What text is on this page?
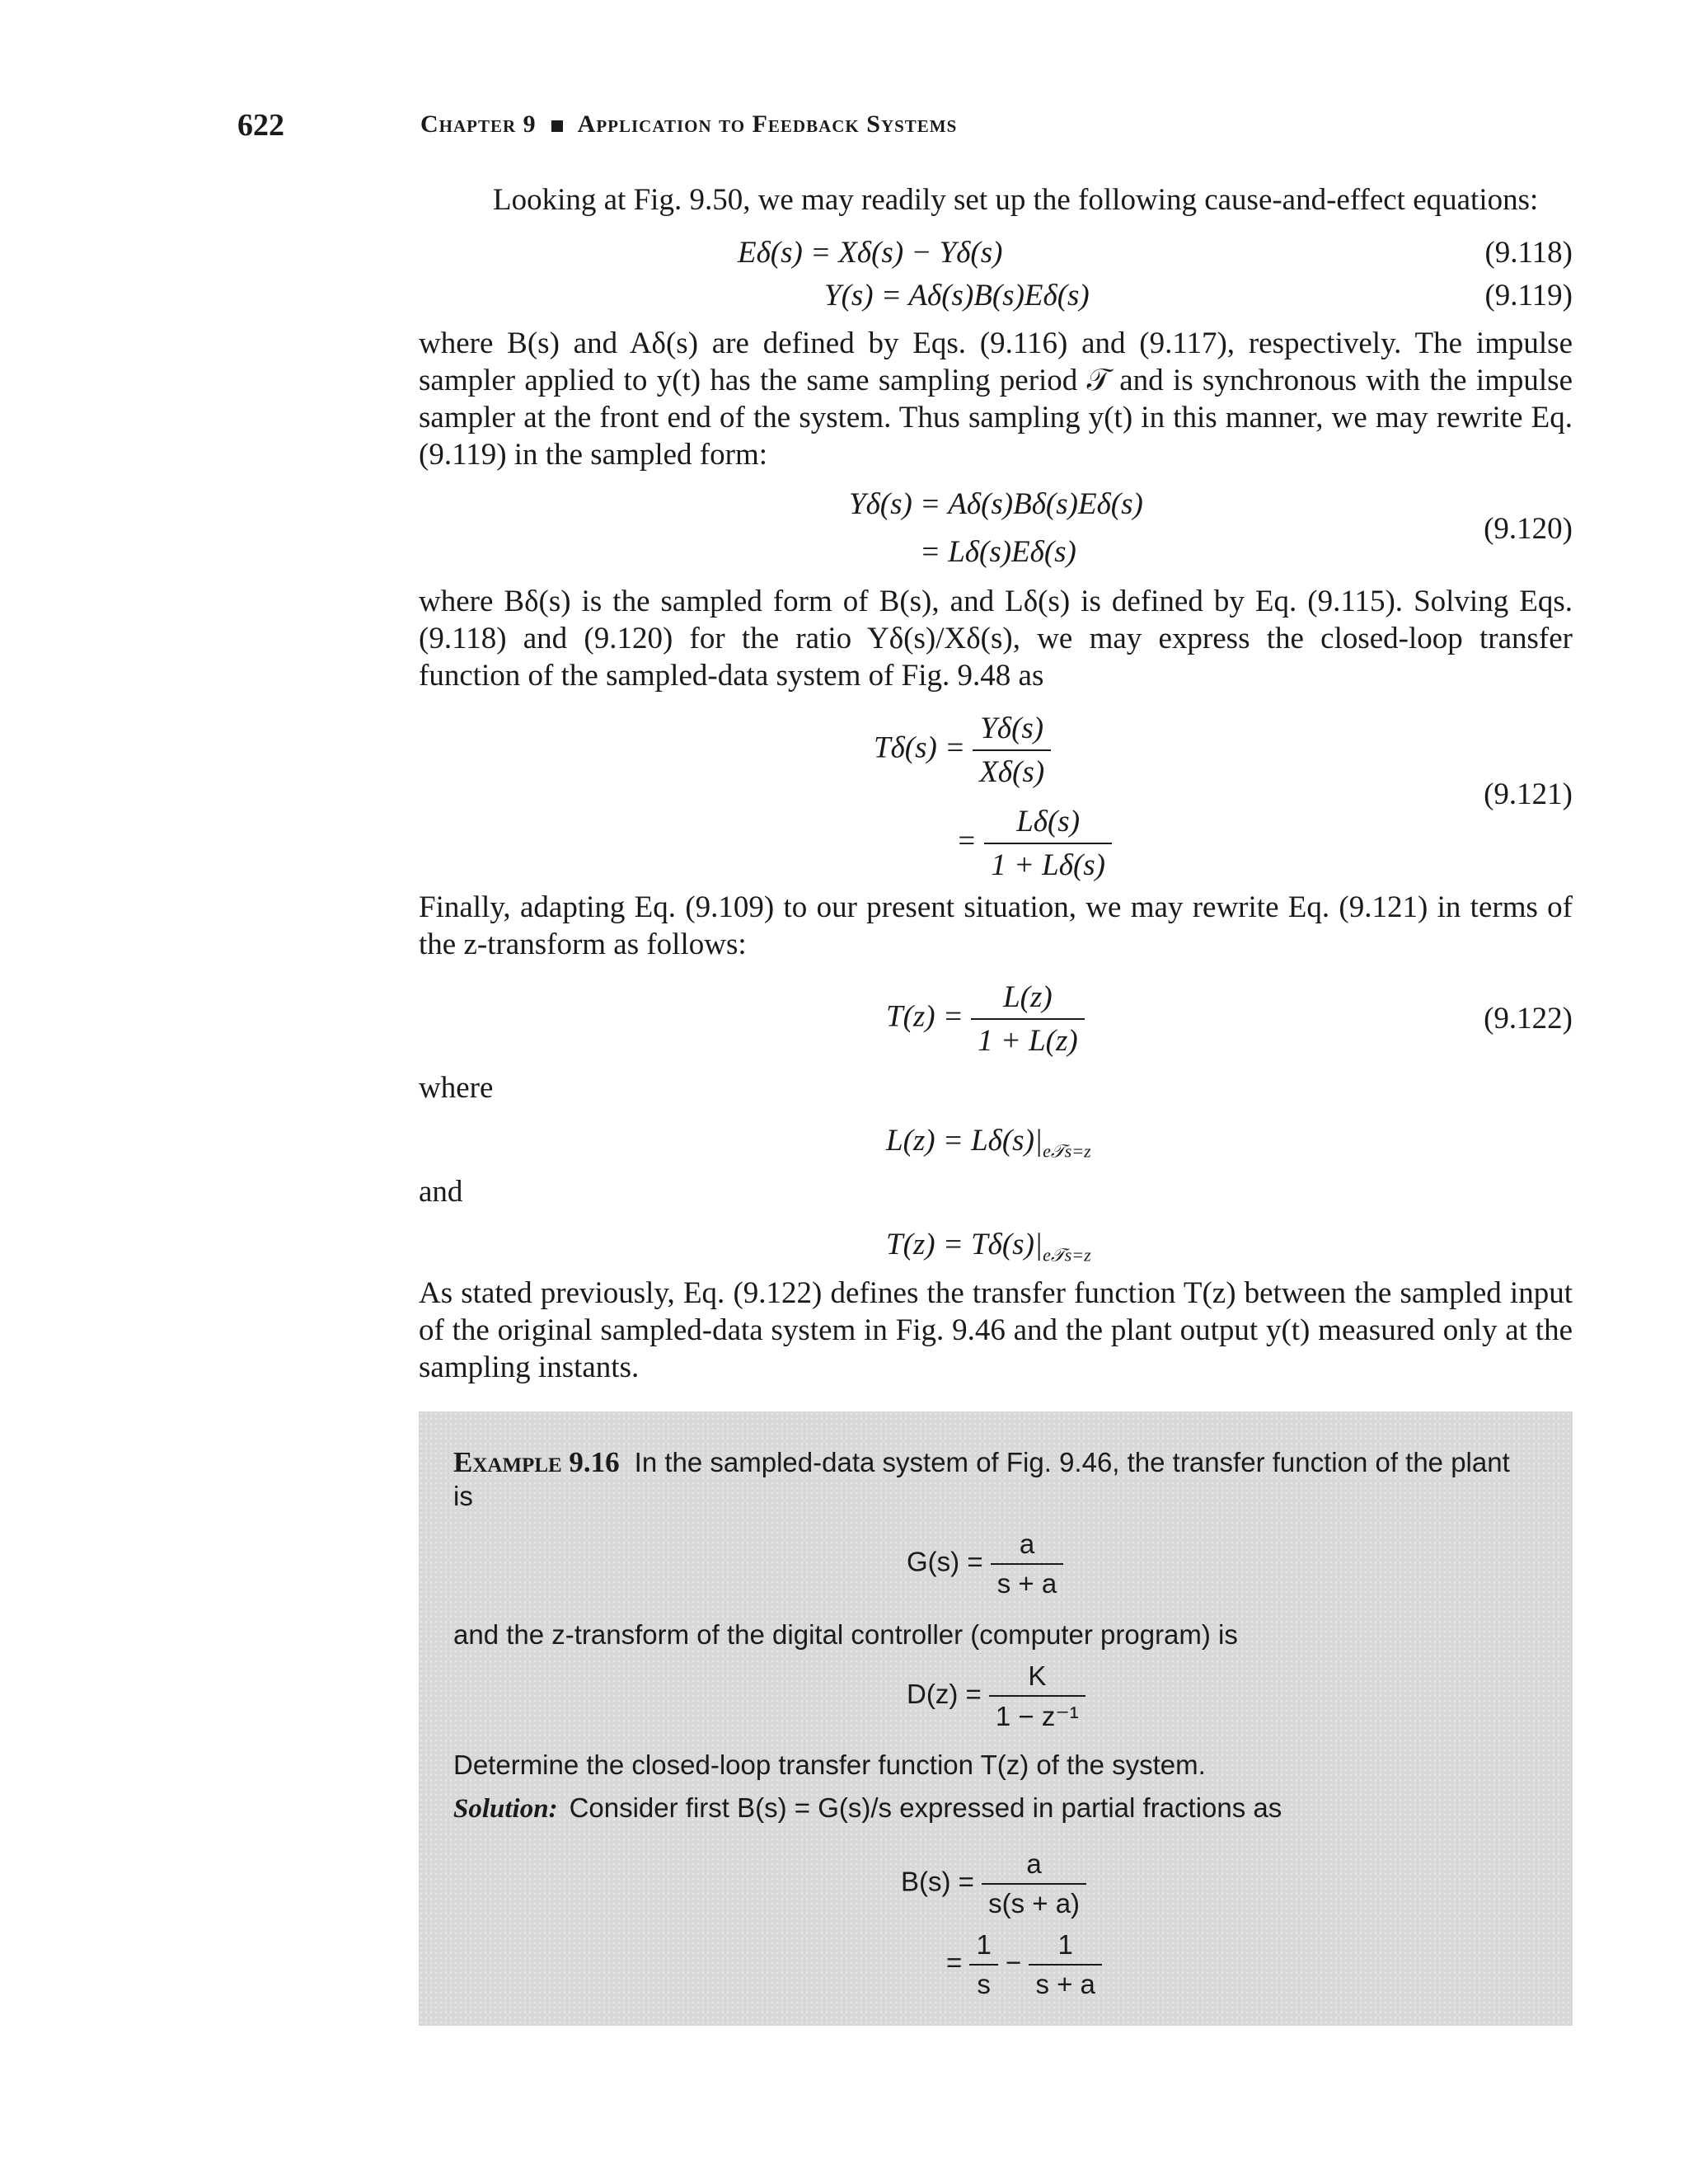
622	Chapter 9 Application to Feedback Systems
Looking at Fig. 9.50, we may readily set up the following cause-and-effect equations:
Eδ(s) = Xδ(s) − Yδ(s)	(9.118)
Y(s) = Aδ(s)B(s)Eδ(s)	(9.119)
where B(s) and Aδ(s) are defined by Eqs. (9.116) and (9.117), respectively. The impulse sampler applied to y(t) has the same sampling period 𝒯 and is synchronous with the impulse sampler at the front end of the system. Thus sampling y(t) in this manner, we may rewrite Eq. (9.119) in the sampled form:
Yδ(s) = Aδ(s)Bδ(s)Eδ(s)
= Lδ(s)Eδ(s)
(9.120)
where Bδ(s) is the sampled form of B(s), and Lδ(s) is defined by Eq. (9.115). Solving Eqs. (9.118) and (9.120) for the ratio Yδ(s)/Xδ(s), we may express the closed-loop transfer function of the sampled-data system of Fig. 9.48 as
$T\delta(s) = \frac{Y\delta(s)}{X\delta(s)}$
= $\frac{L\delta(s)}{1 + L\delta(s)}$
(9.121)
Finally, adapting Eq. (9.109) to our present situation, we may rewrite Eq. (9.121) in terms of the z-transform as follows:
$T(z) = \frac{L(z)}{1 + L(z)}$	(9.122)
where
$L(z) = L\delta(s)|_{e𝒯s=z}$
and
$T(z) = T\delta(s)|_{e𝒯s=z}$
As stated previously, Eq. (9.122) defines the transfer function T(z) between the sampled input of the original sampled-data system in Fig. 9.46 and the plant output y(t) measured only at the sampling instants.
Example 9.16 In the sampled-data system of Fig. 9.46, the transfer function of the plant
is
$G(s) = \frac{a}{s + a}$
and the z-transform of the digital controller (computer program) is
$D(z) = \frac{K}{\text{1 − z⁻¹}}$
Determine the closed-loop transfer function T(z) of the system.
Solution: Consider first B(s) = G(s)/s expressed in partial fractions as
$B(s) = \frac{a}{s(s + a)}$
= $\frac{1}{s} - \frac{1}{s + a}$
